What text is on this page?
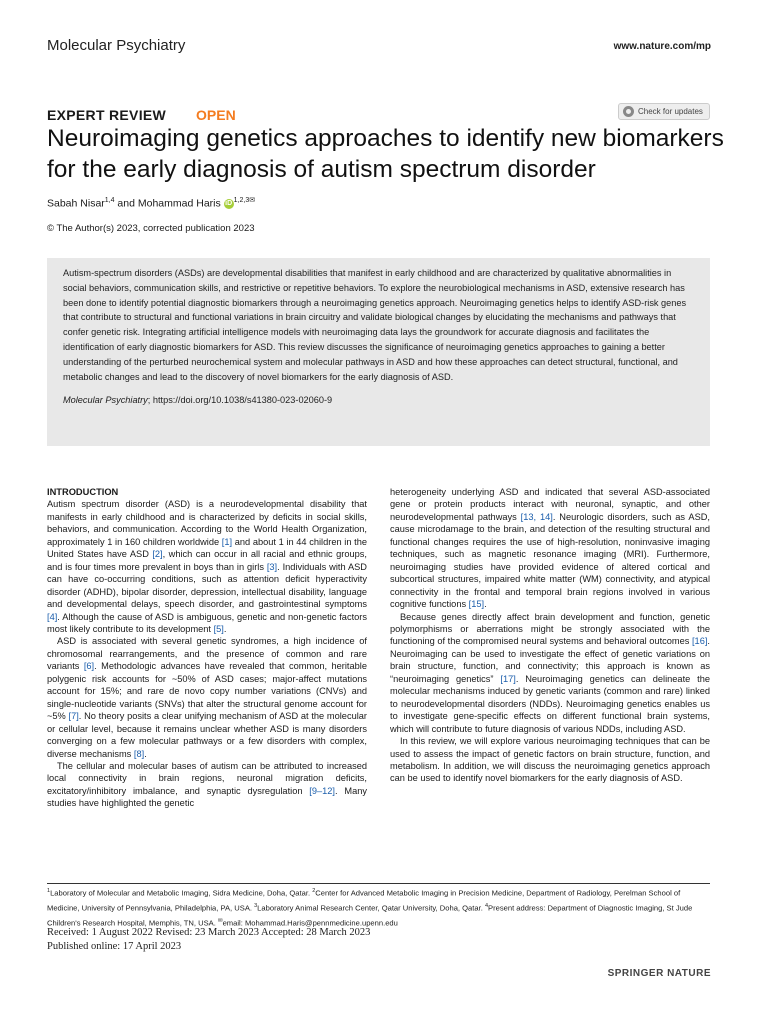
Molecular Psychiatry	www.nature.com/mp
EXPERT REVIEW OPEN	Check for updates
Neuroimaging genetics approaches to identify new biomarkers for the early diagnosis of autism spectrum disorder
Sabah Nisar$^{1,4}$ and Mohammad Haris iD $^{1,2,3✉}$
© The Author(s) 2023, corrected publication 2023

Autism-spectrum disorders (ASDs) are developmental disabilities that manifest in early childhood and are characterized by qualitative abnormalities in social behaviors, communication skills, and restrictive or repetitive behaviors. To explore the neurobiological mechanisms in ASD, extensive research has been done to identify potential diagnostic biomarkers through a neuroimaging genetics approach. Neuroimaging genetics helps to identify ASD-risk genes that contribute to structural and functional variations in brain circuitry and validate biological changes by elucidating the mechanisms and pathways that confer genetic risk. Integrating artificial intelligence models with neuroimaging data lays the groundwork for accurate diagnosis and facilitates the identification of early diagnostic biomarkers for ASD. This review discusses the significance of neuroimaging genetics approaches to gaining a better understanding of the perturbed neurochemical system and molecular pathways in ASD and how these approaches can detect structural, functional, and metabolic changes and lead to the discovery of novel biomarkers for the early diagnosis of ASD.

Molecular Psychiatry; https://doi.org/10.1038/s41380-023-02060-9

INTRODUCTION

Autism spectrum disorder (ASD) is a neurodevelopmental disability that manifests in early childhood and is characterized by deficits in social skills, behaviors, and communication. According to the World Health Organization, approximately 1 in 160 children worldwide [1] and about 1 in 44 children in the United States have ASD [2], which can occur in all racial and ethnic groups, and is four times more prevalent in boys than in girls [3]. Individuals with ASD can have co-occurring conditions, such as attention deficit hyperactivity disorder (ADHD), bipolar disorder, depression, intellectual disability, language and developmental delays, speech disorder, and gastrointestinal symptoms [4]. Although the cause of ASD is ambiguous, genetic and non-genetic factors most likely contribute to its development [5].

ASD is associated with several genetic syndromes, a high incidence of chromosomal rearrangements, and the presence of common and rare variants [6]. Methodologic advances have revealed that common, heritable polygenic risk accounts for ~50% of ASD cases; major-affect mutations account for 15%; and rare de novo copy number variations (CNVs) and single-nucleotide variants (SNVs) that alter the structural genome account for ~5% [7]. No theory posits a clear unifying mechanism of ASD at the molecular or cellular level, because it remains unclear whether ASD is many disorders converging on a few molecular pathways or a few disorders with complex, diverse mechanisms [8].

The cellular and molecular bases of autism can be attributed to increased local connectivity in brain regions, neuronal migration deficits, excitatory/inhibitory imbalance, and synaptic dysregulation [9–12]. Many studies have highlighted the genetic

heterogeneity underlying ASD and indicated that several ASD-associated gene or protein products interact with neuronal, synaptic, and other neurodevelopmental pathways [13, 14]. Neurologic disorders, such as ASD, cause microdamage to the brain, and detection of the resulting structural and functional changes requires the use of high-resolution, noninvasive imaging techniques, such as magnetic resonance imaging (MRI). Furthermore, neuroimaging studies have provided evidence of altered cortical and subcortical structures, impaired white matter (WM) connectivity, and atypical connectivity in the frontal and temporal brain regions involved in various cognitive functions [15].

Because genes directly affect brain development and function, genetic polymorphisms or aberrations might be strongly associated with the functioning of the compromised neural systems and behavioral outcomes [16]. Neuroimaging can be used to investigate the effect of genetic variations on brain structure, function, and connectivity; this approach is known as “neuroimaging genetics” [17]. Neuroimaging genetics can delineate the molecular mechanisms induced by genetic variants (common and rare) linked to neurodevelopmental disorders (NDDs). Neuroimaging genetics enables us to investigate gene-specific effects on different functional brain systems, which will contribute to future diagnosis of various NDDs, including ASD.

In this review, we will explore various neuroimaging techniques that can be used to assess the impact of genetic factors on brain structure, function, and metabolism. In addition, we will discuss the neuroimaging genetics approach can be used to identify novel biomarkers for the early diagnosis of ASD.

$^1$Laboratory of Molecular and Metabolic Imaging, Sidra Medicine, Doha, Qatar. $^2$Center for Advanced Metabolic Imaging in Precision Medicine, Department of Radiology, Perelman School of Medicine, University of Pennsylvania, Philadelphia, PA, USA. $^3$Laboratory Animal Research Center, Qatar University, Doha, Qatar. $^4$Present address: Department of Diagnostic Imaging, St Jude Children's Research Hospital, Memphis, TN, USA. ✉email: Mohammad.Haris@pennmedicine.upenn.edu
Received: 1 August 2022 Revised: 23 March 2023 Accepted: 28 March 2023
Published online: 17 April 2023
SPRINGER NATURE
